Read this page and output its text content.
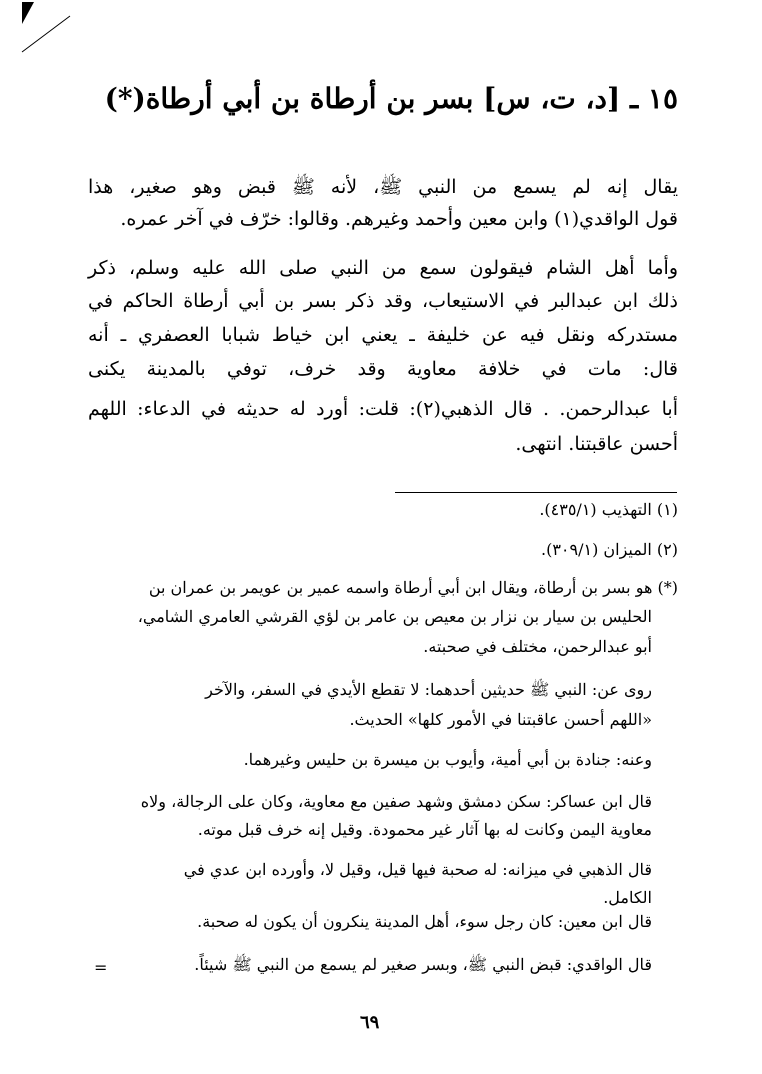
١٥ ـ [د، ت، س] بسر بن أرطاة بن أبي أرطاة(*)
يقال إنه لم يسمع من النبي ﷺ، لأنه ﷺ قبض وهو صغير، هذا
قول الواقدي(١) وابن معين وأحمد وغيرهم. وقالوا: خرّف في آخر عمره.
وأما أهل الشام فيقولون سمع من النبي صلى الله عليه وسلم، ذكر
ذلك ابن عبدالبر في الاستيعاب، وقد ذكر بسر بن أبي أرطاة الحاكم في
مستدركه ونقل فيه عن خليفة ـ يعني ابن خياط شبابا العصفري ـ أنه
قال: مات في خلافة معاوية وقد خرف، توفي بالمدينة يكنى
أبا عبدالرحمن. . قال الذهبي(٢): قلت: أورد له حديثه في الدعاء: اللهم
أحسن عاقبتنا. انتهى.
(١) التهذيب (٤٣٥/١).
(٢) الميزان (٣٠٩/١).
(*) هو بسر بن أرطاة، ويقال ابن أبي أرطاة واسمه عمير بن عويمر بن عمران بن
الحليس بن سيار بن نزار بن معيص بن عامر بن لؤي القرشي العامري الشامي،
أبو عبدالرحمن، مختلف في صحبته.
روى عن: النبي ﷺ حديثين أحدهما: لا تقطع الأيدي في السفر، والآخر
«اللهم أحسن عاقبتنا في الأمور كلها» الحديث.
وعنه: جنادة بن أبي أمية، وأيوب بن ميسرة بن حليس وغيرهما.
قال ابن عساكر: سكن دمشق وشهد صفين مع معاوية، وكان على الرجالة، ولاه
معاوية اليمن وكانت له بها آثار غير محمودة. وقيل إنه خرف قبل موته.
قال الذهبي في ميزانه: له صحبة فيها قيل، وقيل لا، وأورده ابن عدي في
الكامل.
قال ابن معين: كان رجل سوء، أهل المدينة ينكرون أن يكون له صحبة.
قال الواقدي: قبض النبي ﷺ، وبسر صغير لم يسمع من النبي ﷺ شيئاً.
=
٦٩
